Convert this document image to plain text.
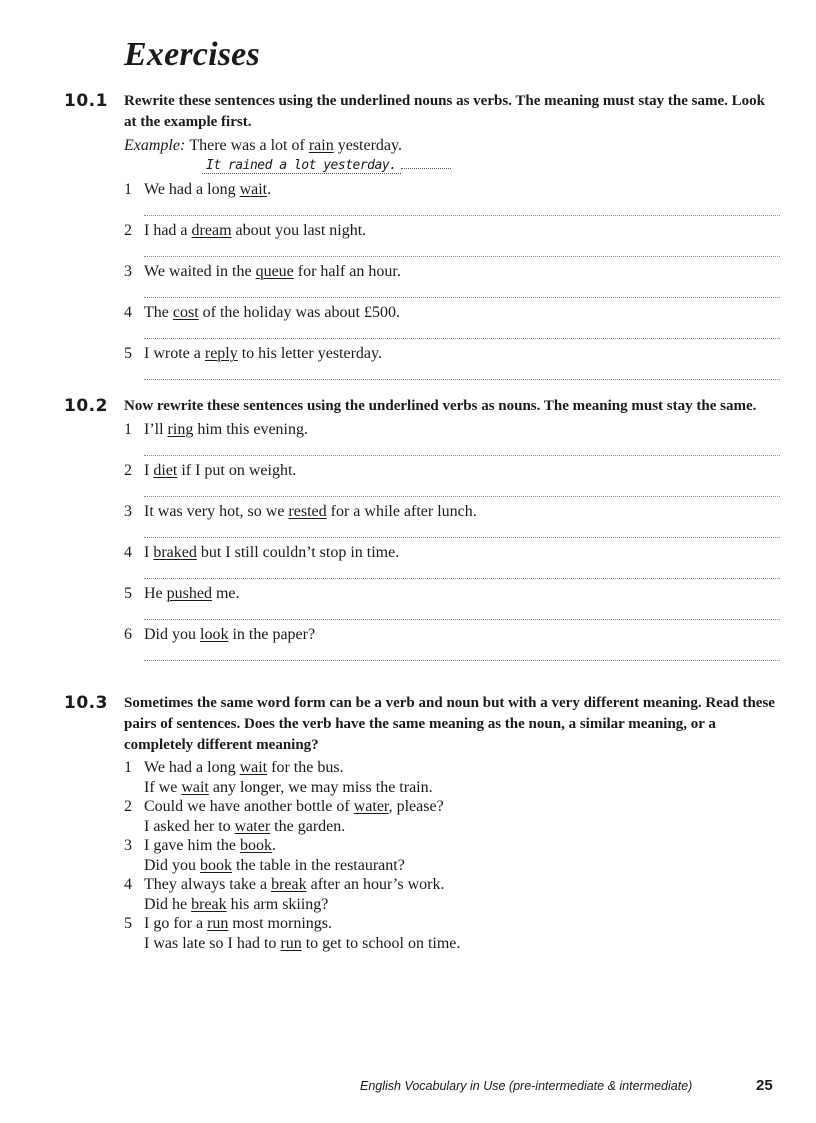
Exercises
10.1 Rewrite these sentences using the underlined nouns as verbs. The meaning must stay the same. Look at the example first.

Example: There was a lot of rain yesterday.
It rained a lot yesterday.
1 We had a long wait.
2 I had a dream about you last night.
3 We waited in the queue for half an hour.
4 The cost of the holiday was about £500.
5 I wrote a reply to his letter yesterday.
10.2 Now rewrite these sentences using the underlined verbs as nouns. The meaning must stay the same.

1 I’ll ring him this evening.
2 I diet if I put on weight.
3 It was very hot, so we rested for a while after lunch.
4 I braked but I still couldn’t stop in time.
5 He pushed me.
6 Did you look in the paper?
10.3 Sometimes the same word form can be a verb and noun but with a very different meaning. Read these pairs of sentences. Does the verb have the same meaning as the noun, a similar meaning, or a completely different meaning?

1 We had a long wait for the bus.
If we wait any longer, we may miss the train.
2 Could we have another bottle of water, please?
I asked her to water the garden.
3 I gave him the book.
Did you book the table in the restaurant?
4 They always take a break after an hour’s work.
Did he break his arm skiing?
5 I go for a run most mornings.
I was late so I had to run to get to school on time.
English Vocabulary in Use (pre-intermediate & intermediate)	25
